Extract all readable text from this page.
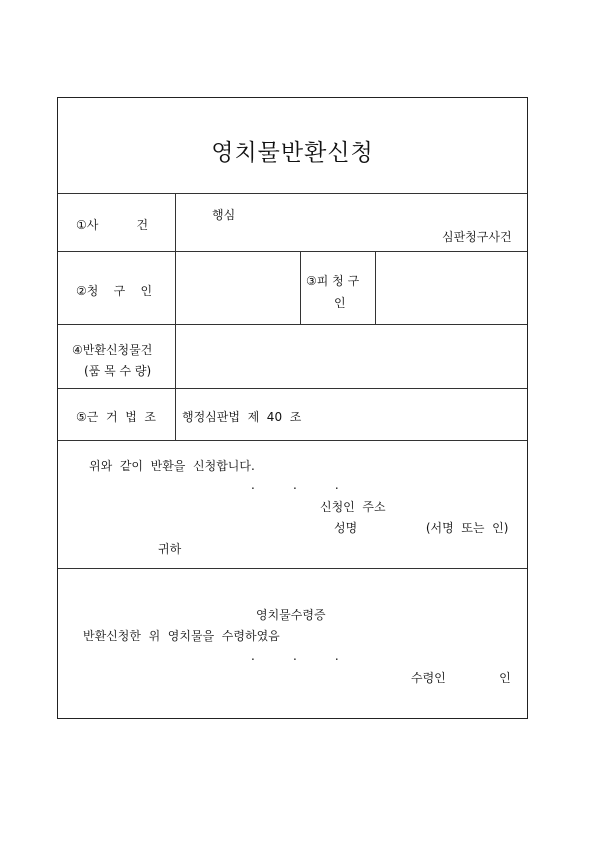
영치물반환신청
①사          건
행심
심판청구사건
②청    구    인
③피 청 구
인
④반환신청물건
(품 목 수 량)
⑤근  거  법  조 행정심판법  제  40  조
위와  같이  반환을  신청합니다.
.          .          .
신청인  주소
성명                  (서명  또는  인)
귀하
영치물수령증
반환신청한  위  영치물을  수령하였음
.          .          .
수령인              인
